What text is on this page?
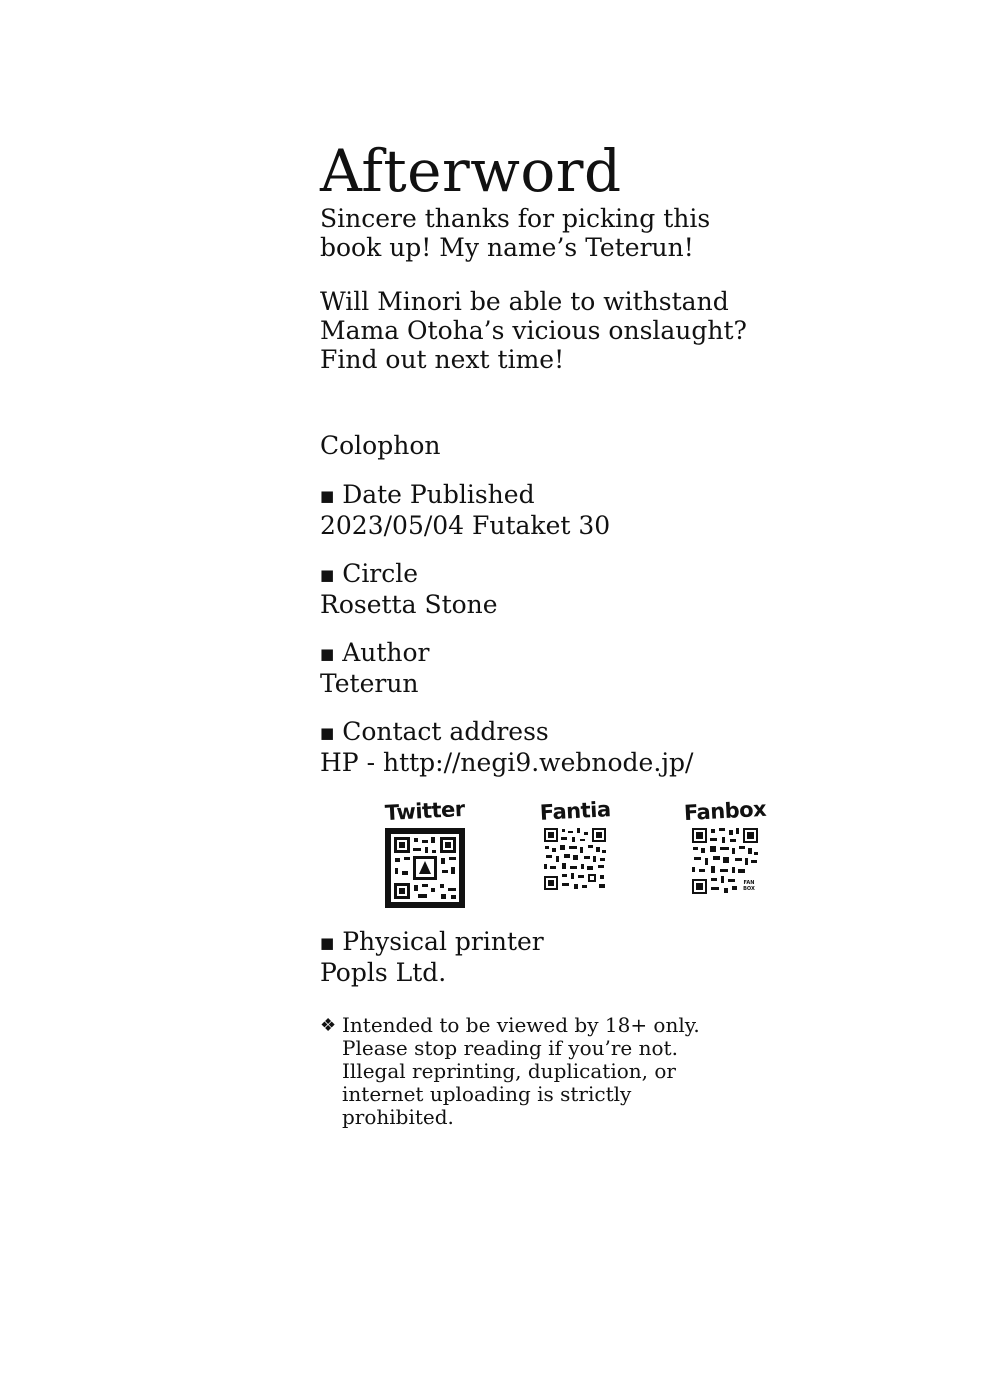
Afterword
Sincere thanks for picking this
book up! My name’s Teterun!
Will Minori be able to withstand
Mama Otoha’s vicious onslaught?
Find out next time!
Colophon
■ Date Published
2023/05/04 Futaket 30
■ Circle
Rosetta Stone
■ Author
Teterun
■ Contact address
HP - http://negi9.webnode.jp/
Twitter	Fantia	Fanbox
FAN
BOX
■ Physical printer
Popls Ltd.
❖ Intended to be viewed by 18+ only.
Please stop reading if you’re not.
Illegal reprinting, duplication, or
internet uploading is strictly
prohibited.
